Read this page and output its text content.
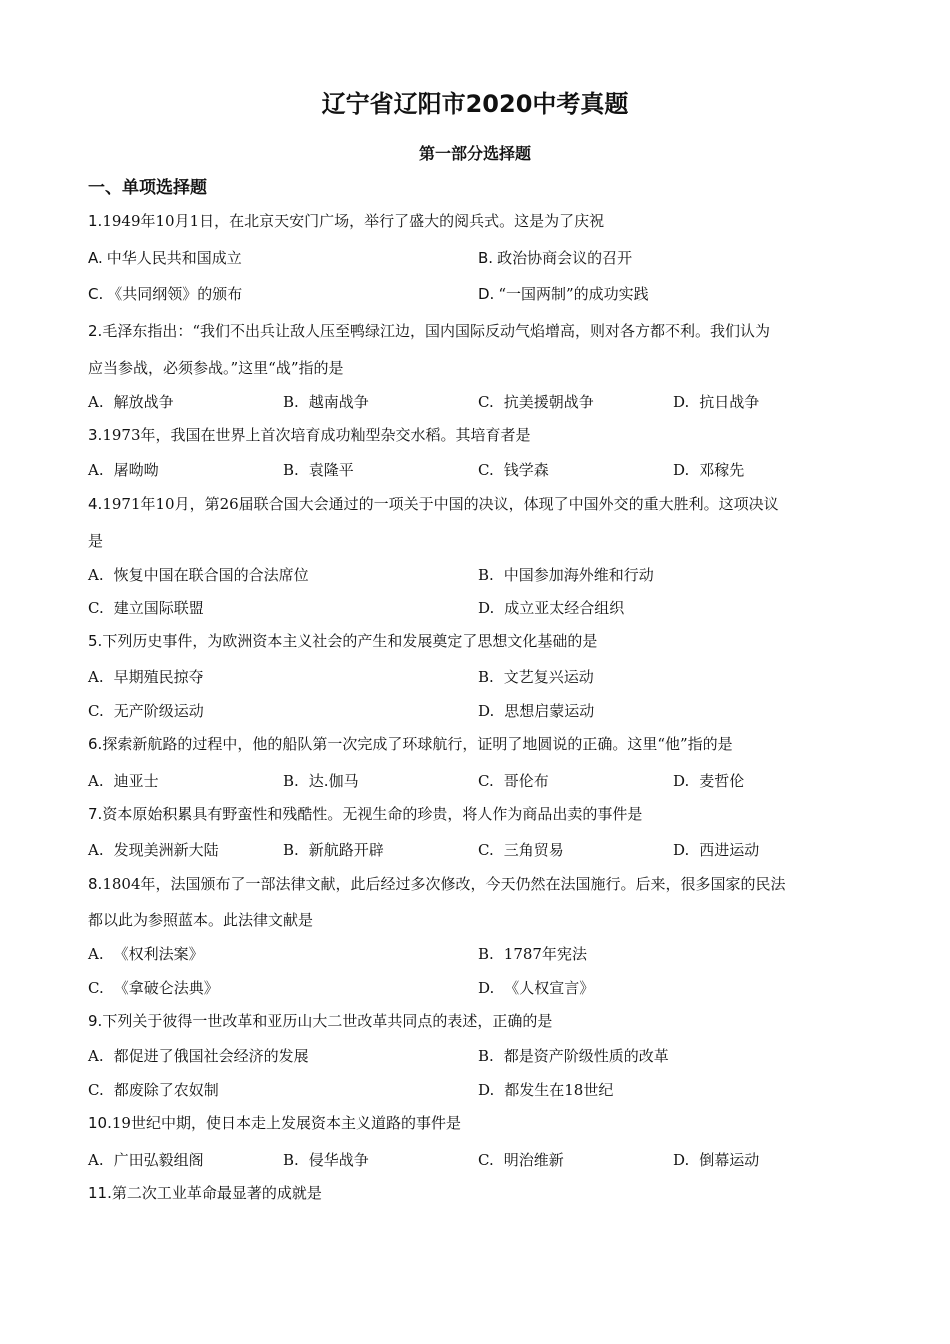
辽宁省辽阳市2020中考真题
第一部分选择题
一、单项选择题
1.1949年10月1日，在北京天安门广场，举行了盛大的阅兵式。这是为了庆祝
A. 中华人民共和国成立	B. 政治协商会议的召开
C. 《共同纲领》的颁布	D. “一国两制”的成功实践
2.毛泽东指出：“我们不出兵让敌人压至鸭绿江边，国内国际反动气焰增高，则对各方都不利。我们认为
应当参战，必须参战。”这里“战”指的是
A. 解放战争	B. 越南战争	C. 抗美援朝战争	D. 抗日战争
3.1973年，我国在世界上首次培育成功籼型杂交水稻。其培育者是
A. 屠呦呦	B. 袁隆平	C. 钱学森	D. 邓稼先
4.1971年10月，第26届联合国大会通过的一项关于中国的决议，体现了中国外交的重大胜利。这项决议
是
A. 恢复中国在联合国的合法席位	B. 中国参加海外维和行动
C. 建立国际联盟	D. 成立亚太经合组织
5.下列历史事件，为欧洲资本主义社会的产生和发展奠定了思想文化基础的是
A. 早期殖民掠夺	B. 文艺复兴运动
C. 无产阶级运动	D. 思想启蒙运动
6.探索新航路的过程中，他的船队第一次完成了环球航行，证明了地圆说的正确。这里“他”指的是
A. 迪亚士	B. 达.伽马	C. 哥伦布	D. 麦哲伦
7.资本原始积累具有野蛮性和残酷性。无视生命的珍贵，将人作为商品出卖的事件是
A. 发现美洲新大陆	B. 新航路开辟	C. 三角贸易	D. 西进运动
8.1804年，法国颁布了一部法律文献，此后经过多次修改，今天仍然在法国施行。后来，很多国家的民法
都以此为参照蓝本。此法律文献是
A. 《权利法案》	B. 1787年宪法
C. 《拿破仑法典》	D. 《人权宣言》
9.下列关于彼得一世改革和亚历山大二世改革共同点的表述，正确的是
A. 都促进了俄国社会经济的发展	B. 都是资产阶级性质的改革
C. 都废除了农奴制	D. 都发生在18世纪
10.19世纪中期，使日本走上发展资本主义道路的事件是
A. 广田弘毅组阁	B. 侵华战争	C. 明治维新	D. 倒幕运动
11.第二次工业革命最显著的成就是
